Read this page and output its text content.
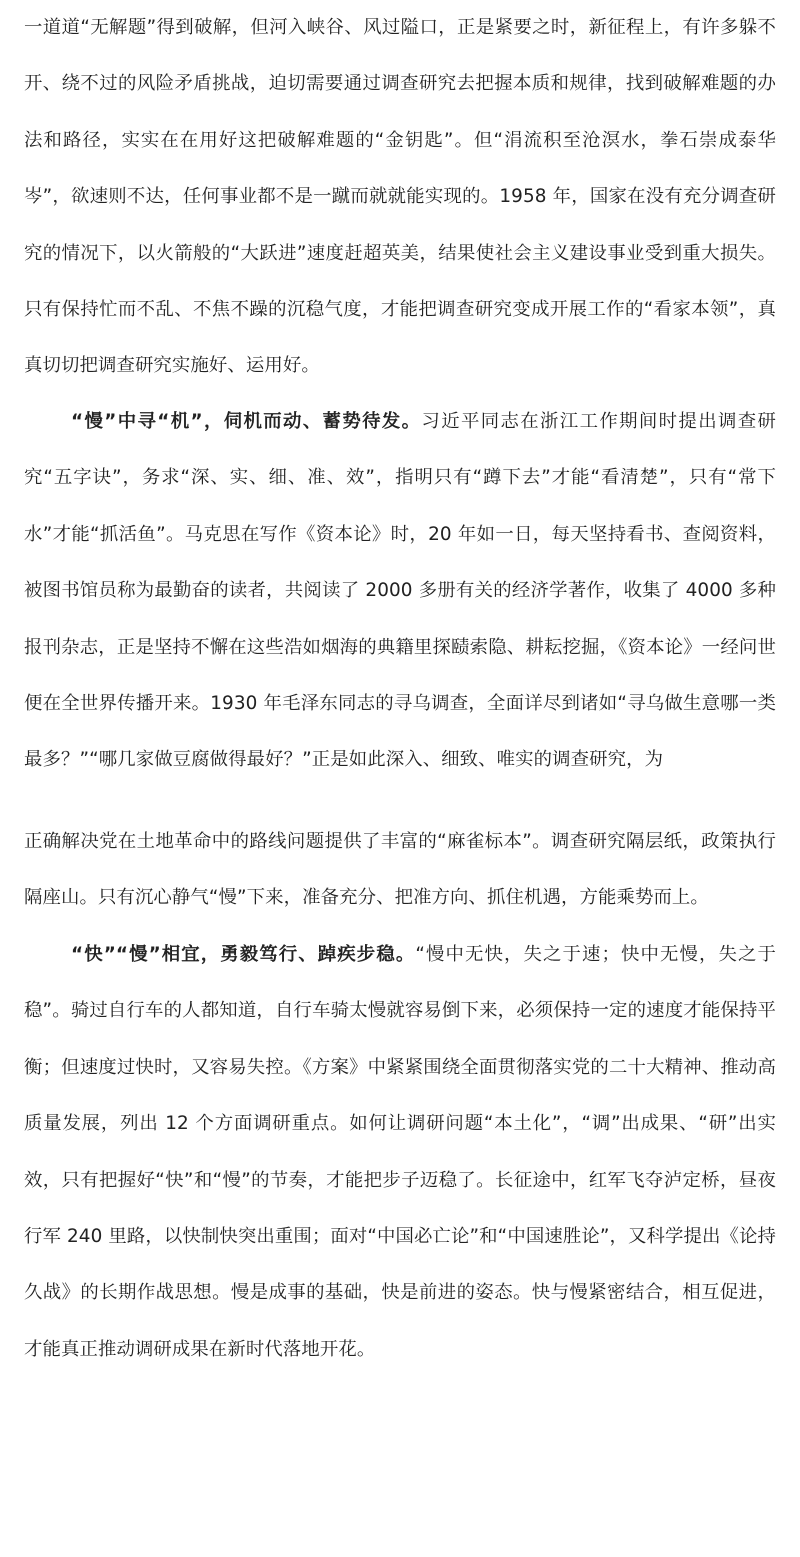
一道道“无解题”得到破解，但河入峡谷、风过隘口，正是紧要之时，新征程上，有许多躲不开、绕不过的风险矛盾挑战，迫切需要通过调查研究去把握本质和规律，找到破解难题的办法和路径，实实在在用好这把破解难题的“金钥匙”。但“涓流积至沧溟水，拳石崇成泰华岑”，欲速则不达，任何事业都不是一蹴而就就能实现的。1958 年，国家在没有充分调查研究的情况下，以火箭般的“大跃进”速度赶超英美，结果使社会主义建设事业受到重大损失。只有保持忙而不乱、不焦不躁的沉稳气度，才能把调查研究变成开展工作的“看家本领”，真真切切把调查研究实施好、运用好。

“慢”中寻“机”，伺机而动、蓄势待发。习近平同志在浙江工作期间时提出调查研究“五字诀”，务求“深、实、细、准、效”，指明只有“蹲下去”才能“看清楚”，只有“常下水”才能“抓活鱼”。马克思在写作《资本论》时，20 年如一日，每天坚持看书、查阅资料，被图书馆员称为最勤奋的读者，共阅读了 2000 多册有关的经济学著作，收集了 4000 多种报刊杂志，正是坚持不懈在这些浩如烟海的典籍里探赜索隐、耕耘挖掘，《资本论》一经问世便在全世界传播开来。1930 年毛泽东同志的寻乌调查，全面详尽到诸如“寻乌做生意哪一类最多？”“哪几家做豆腐做得最好？”正是如此深入、细致、唯实的调查研究，为

正确解决党在土地革命中的路线问题提供了丰富的“麻雀标本”。调查研究隔层纸，政策执行隔座山。只有沉心静气“慢”下来，准备充分、把准方向、抓住机遇，方能乘势而上。

“快”“慢”相宜，勇毅笃行、踔疾步稳。“慢中无快，失之于速；快中无慢，失之于稳”。骑过自行车的人都知道，自行车骑太慢就容易倒下来，必须保持一定的速度才能保持平衡；但速度过快时，又容易失控。《方案》中紧紧围绕全面贯彻落实党的二十大精神、推动高质量发展，列出 12 个方面调研重点。如何让调研问题“本土化”，“调”出成果、“研”出实效，只有把握好“快”和“慢”的节奏，才能把步子迈稳了。长征途中，红军飞夺泸定桥，昼夜行军 240 里路，以快制快突出重围；面对“中国必亡论”和“中国速胜论”，又科学提出《论持久战》的长期作战思想。慢是成事的基础，快是前进的姿态。快与慢紧密结合，相互促进，才能真正推动调研成果在新时代落地开花。
